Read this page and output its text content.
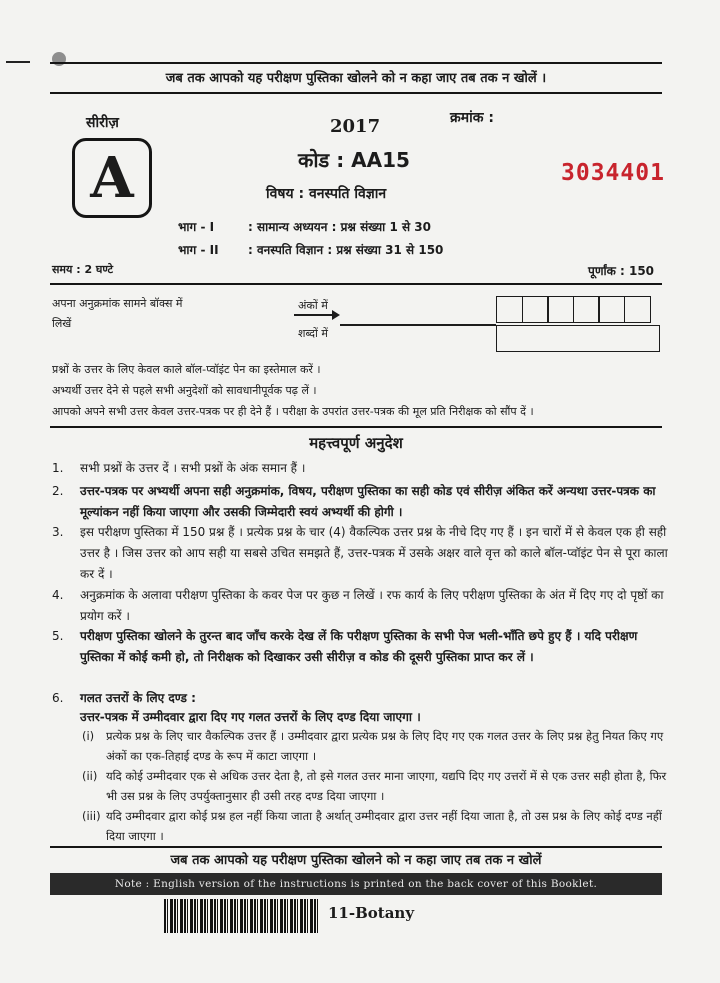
जब तक आपको यह परीक्षण पुस्तिका खोलने को न कहा जाए तब तक न खोलें ।
सीरीज़
A
2017	क्रमांक :
3034401
कोड : AA15
विषय : वनस्पति विज्ञान
भाग - I	: सामान्य अध्ययन : प्रश्न संख्या 1 से 30
भाग - II : वनस्पति विज्ञान : प्रश्न संख्या 31 से 150
समय : 2 घण्टे	पूर्णांक : 150
अपना अनुक्रमांक सामने बॉक्स में
लिखें
अंकों में
शब्दों में
प्रश्नों के उत्तर के लिए केवल काले बॉल-प्वॉइंट पेन का इस्तेमाल करें ।
अभ्यर्थी उत्तर देने से पहले सभी अनुदेशों को सावधानीपूर्वक पढ़ लें ।
आपको अपने सभी उत्तर केवल उत्तर-पत्रक पर ही देने हैं । परीक्षा के उपरांत उत्तर-पत्रक की मूल प्रति निरीक्षक को सौंप दें ।
महत्त्वपूर्ण अनुदेश
1.	सभी प्रश्नों के उत्तर दें । सभी प्रश्नों के अंक समान हैं ।
2.	उत्तर-पत्रक पर अभ्यर्थी अपना सही अनुक्रमांक, विषय, परीक्षण पुस्तिका का सही कोड एवं सीरीज़ अंकित करें अन्यथा उत्तर-पत्रक का मूल्यांकन नहीं किया जाएगा और उसकी जिम्मेदारी स्वयं अभ्यर्थी की होगी ।
3.	इस परीक्षण पुस्तिका में 150 प्रश्न हैं । प्रत्येक प्रश्न के चार (4) वैकल्पिक उत्तर प्रश्न के नीचे दिए गए हैं । इन चारों में से केवल एक ही सही उत्तर है । जिस उत्तर को आप सही या सबसे उचित समझते हैं, उत्तर-पत्रक में उसके अक्षर वाले वृत्त को काले बॉल-प्वॉइंट पेन से पूरा काला कर दें ।
4.	अनुक्रमांक के अलावा परीक्षण पुस्तिका के कवर पेज पर कुछ न लिखें । रफ कार्य के लिए परीक्षण पुस्तिका के अंत में दिए गए दो पृष्ठों का प्रयोग करें ।
5.	परीक्षण पुस्तिका खोलने के तुरन्त बाद जाँच करके देख लें कि परीक्षण पुस्तिका के सभी पेज भली-भाँति छपे हुए हैं । यदि परीक्षण पुस्तिका में कोई कमी हो, तो निरीक्षक को दिखाकर उसी सीरीज़ व कोड की दूसरी पुस्तिका प्राप्त कर लें ।
6.	गलत उत्तरों के लिए दण्ड :
उत्तर-पत्रक में उम्मीदवार द्वारा दिए गए गलत उत्तरों के लिए दण्ड दिया जाएगा ।
(i)	प्रत्येक प्रश्न के लिए चार वैकल्पिक उत्तर हैं । उम्मीदवार द्वारा प्रत्येक प्रश्न के लिए दिए गए एक गलत उत्तर के लिए प्रश्न हेतु नियत किए गए अंकों का एक-तिहाई दण्ड के रूप में काटा जाएगा ।
(ii) यदि कोई उम्मीदवार एक से अधिक उत्तर देता है, तो इसे गलत उत्तर माना जाएगा, यद्यपि दिए गए उत्तरों में से एक उत्तर सही होता है, फिर भी उस प्रश्न के लिए उपर्युक्तानुसार ही उसी तरह दण्ड दिया जाएगा ।
(iii) यदि उम्मीदवार द्वारा कोई प्रश्न हल नहीं किया जाता है अर्थात् उम्मीदवार द्वारा उत्तर नहीं दिया जाता है, तो उस प्रश्न के लिए कोई दण्ड नहीं दिया जाएगा ।
जब तक आपको यह परीक्षण पुस्तिका खोलने को न कहा जाए तब तक न खोलें
Note : English version of the instructions is printed on the back cover of this Booklet.
11-Botany
